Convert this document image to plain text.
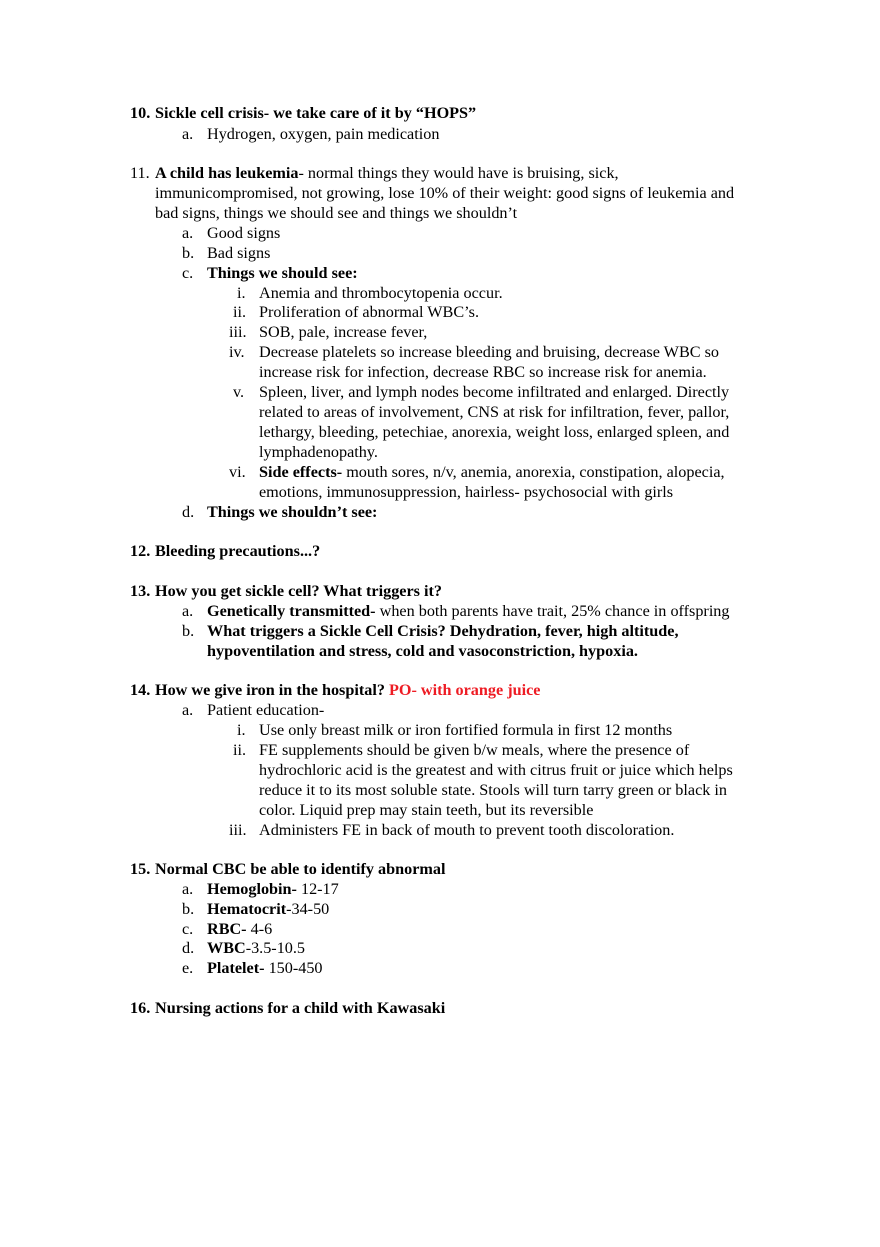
10. Sickle cell crisis- we take care of it by “HOPS”
a. Hydrogen, oxygen, pain medication
11. A child has leukemia- normal things they would have is bruising, sick,
immunicompromised, not growing, lose 10% of their weight: good signs of leukemia and
bad signs, things we should see and things we shouldn’t
a. Good signs
b. Bad signs
c. Things we should see:
i. Anemia and thrombocytopenia occur.
ii. Proliferation of abnormal WBC’s.
iii. SOB, pale, increase fever,
iv. Decrease platelets so increase bleeding and bruising, decrease WBC so
increase risk for infection, decrease RBC so increase risk for anemia.
v. Spleen, liver, and lymph nodes become infiltrated and enlarged. Directly
related to areas of involvement, CNS at risk for infiltration, fever, pallor,
lethargy, bleeding, petechiae, anorexia, weight loss, enlarged spleen, and
lymphadenopathy.
vi. Side effects- mouth sores, n/v, anemia, anorexia, constipation, alopecia,
emotions, immunosuppression, hairless- psychosocial with girls
d. Things we shouldn’t see:
12. Bleeding precautions...?
13. How you get sickle cell? What triggers it?
a. Genetically transmitted- when both parents have trait, 25% chance in offspring
b. What triggers a Sickle Cell Crisis? Dehydration, fever, high altitude,
hypoventilation and stress, cold and vasoconstriction, hypoxia.
14. How we give iron in the hospital? PO- with orange juice
a. Patient education-
i. Use only breast milk or iron fortified formula in first 12 months
ii. FE supplements should be given b/w meals, where the presence of
hydrochloric acid is the greatest and with citrus fruit or juice which helps
reduce it to its most soluble state. Stools will turn tarry green or black in
color. Liquid prep may stain teeth, but its reversible
iii. Administers FE in back of mouth to prevent tooth discoloration.
15. Normal CBC be able to identify abnormal
a. Hemoglobin- 12-17
b. Hematocrit-34-50
c. RBC- 4-6
d. WBC-3.5-10.5
e. Platelet- 150-450
16. Nursing actions for a child with Kawasaki
